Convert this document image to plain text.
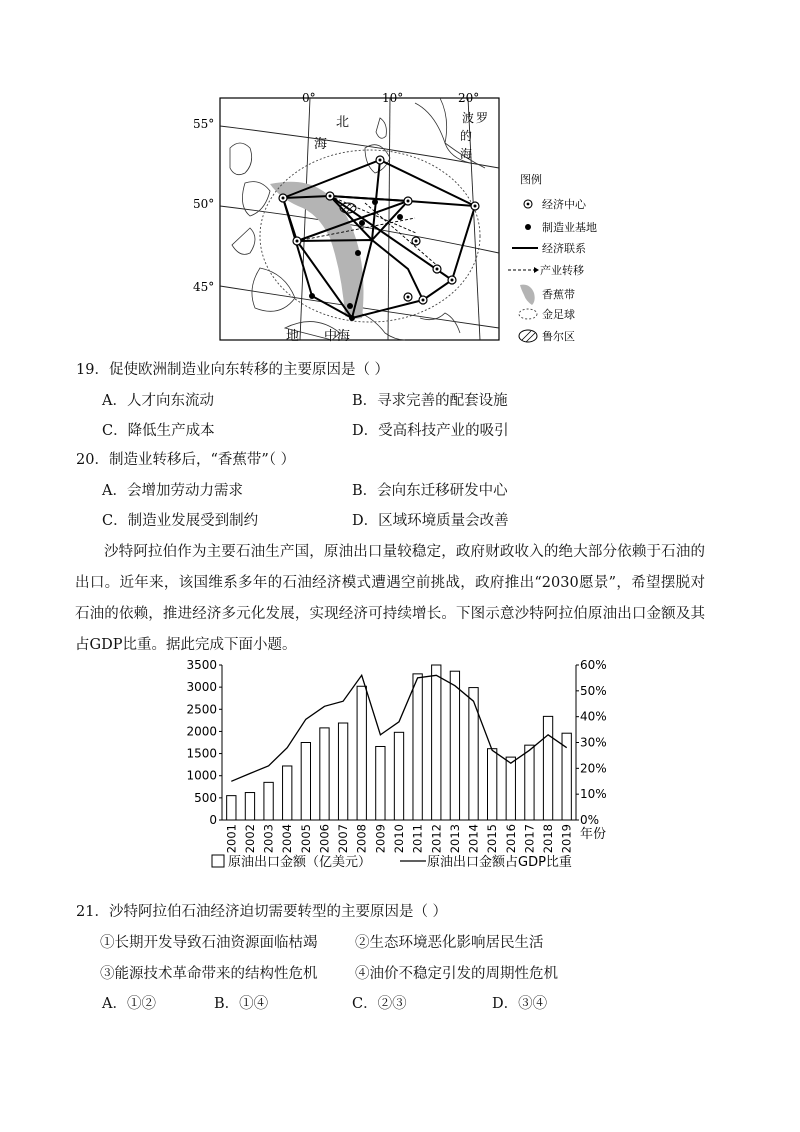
0°	10°	20°
55°
50°
45°
北
海
波 罗
的
海
地 中海
图例
经济中心
制造业基地
经济联系
产业转移
香蕉带
金足球
鲁尔区
19．促使欧洲制造业向东转移的主要原因是（ ）
A．人才向东流动	B．寻求完善的配套设施
C．降低生产成本	D．受高科技产业的吸引
20．制造业转移后，“香蕉带”（ ）
A．会增加劳动力需求	B．会向东迁移研发中心
C．制造业发展受到制约	D．区域环境质量会改善
沙特阿拉伯作为主要石油生产国，原油出口量较稳定，政府财政收入的绝大部分依赖于石油的出口。近年来，该国维系多年的石油经济模式遭遇空前挑战，政府推出“2030愿景”，希望摆脱对石油的依赖，推进经济多元化发展，实现经济可持续增长。下图示意沙特阿拉伯原油出口金额及其占GDP比重。据此完成下面小题。
0
500
1000
1500
2000
2500
3000
3500
0%
10%
20%
30%
40%
50%
60%
2001 2002 2003 2004 2005 2006 2007 2008 2009 2010 2011 2012 2013 2014 2015 2016 2017 2018 2019 年份
原油出口金额（亿美元）	原油出口金额占GDP比重
21．沙特阿拉伯石油经济迫切需要转型的主要原因是（ ）
①长期开发导致石油资源面临枯竭	②生态环境恶化影响居民生活
③能源技术革命带来的结构性危机	④油价不稳定引发的周期性危机
A．①②	B．①④	C．②③	D．③④
